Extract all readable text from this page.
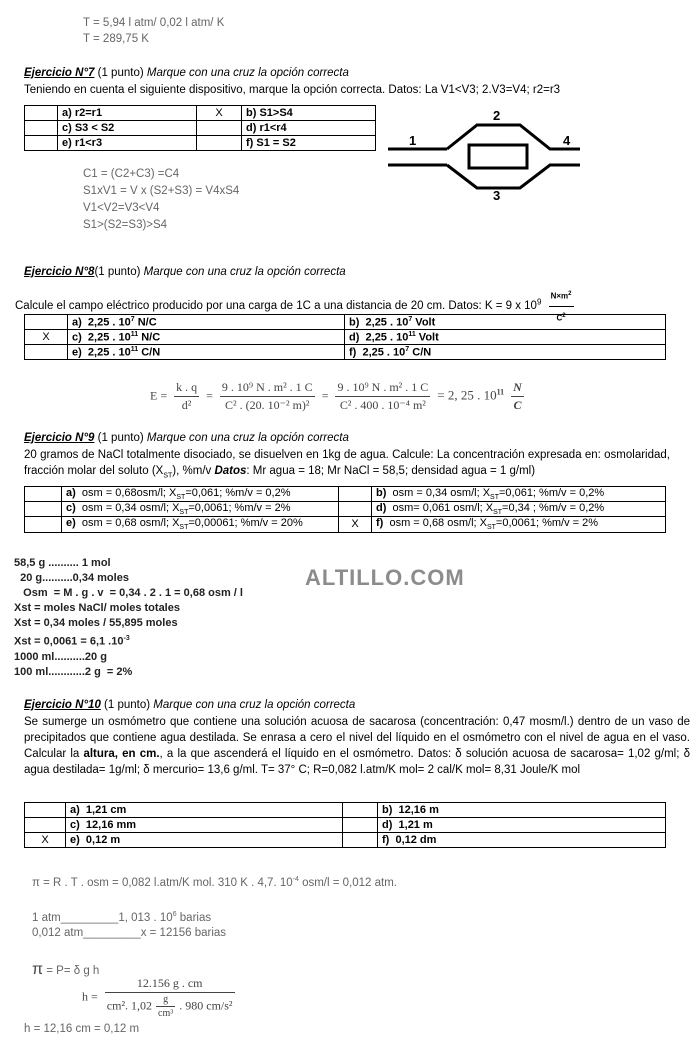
T = 5,94 l atm/ 0,02 l atm/ K
T = 289,75 K
Ejercicio N°7 (1 punto) Marque con una cruz la opción correcta
Teniendo en cuenta el siguiente dispositivo, marque la opción correcta. Datos: La V1<V3; 2.V3=V4; r2=r3
	a) r2=r1	X	b) S1>S4
	c) S3 < S2		d) r1<r4
	e) r1<r3		f) S1 = S2
C1 = (C2+C3) =C4
S1xV1 = V x (S2+S3) = V4xS4
V1<V2=V3<V4
S1>(S2=S3)>S4
1
2
3
4
Ejercicio N°8(1 punto) Marque con una cruz la opción correcta
Calcule el campo eléctrico producido por una carga de 1C a una distancia de 20 cm. Datos: K = 9 x $10^9 \frac{N\times m^2}{C^2}$
	a) 2,25 . $10^7$ N/C	b) 2,25 . $10^7$ Volt
X	c) 2,25 . $10^{11}$ N/C	d) 2,25 . $10^{11}$ Volt
	e) 2,25 . $10^{11}$ C/N	f) 2,25 . $10^7$ C/N
$E = \frac{k . q}{\text{d²}} = \frac{\text{9 . 10⁹ N . m² . 1 C}}{\text{C² . (20. 10⁻² m)²}} = \frac{\text{9 . 10⁹ N . m² . 1 C}}{\text{C² . 400 . 10⁻⁴ m²}} = 2$, 25 . $10^{11} \frac{N}{C}$
Ejercicio N°9 (1 punto) Marque con una cruz la opción correcta
20 gramos de NaCl totalmente disociado, se disuelven en 1kg de agua. Calcule: La concentración expresada en: osmolaridad, fracción molar del soluto $(X_{ST})$, %m/v Datos: Mr agua = 18; Mr NaCl = 58,5; densidad agua = 1 g/ml)
	a) osm = 0,68osm/l; $X_{ST}=0,061$; %m/v = 0,2%		b) osm = 0,34 osm/l; $X_{ST}=0,061$; %m/v = 0,2%
	c) osm = 0,34 osm/l; $X_{ST}=0,0061$; %m/v = 2%		d) osm= 0,061 osm/l; $X_{ST}=0,34$ ; %m/v = 0,2%
	e) osm = 0,68 osm/l; $X_{ST}=0,00061$; %m/v = 20%	X	f) osm = 0,68 osm/l; $X_{ST}=0,0061$; %m/v = 2%
58,5 g .......... 1 mol
20 g..........0,34 moles
Osm  = M . g . v  = 0,34 . 2 . 1 = 0,68 osm / l
Xst = moles NaCl/ moles totales
Xst = 0,34 moles / 55,895 moles
Xst = 0,0061 = 6,1 $.10^{-3}$
1000 ml..........20 g
100 ml............2 g  = 2%
ALTILLO.COM
Ejercicio N°10 (1 punto) Marque con una cruz la opción correcta
Se sumerge un osmómetro que contiene una solución acuosa de sacarosa (concentración: 0,47 mosm/l.) dentro de un vaso de precipitados que contiene agua destilada. Se enrasa a cero el nivel del líquido en el osmómetro con el nivel de agua en el vaso. Calcular la altura, en cm., a la que ascenderá el líquido en el osmómetro. Datos: δ solución acuosa de sacarosa= 1,02 g/ml; δ agua destilada= 1g/ml; δ mercurio= 13,6 g/ml. T= 37° C; R=0,082 l.atm/K mol= 2 cal/K mol= 8,31 Joule/K mol
	a) 1,21 cm		b) 12,16 m
	c) 12,16 mm		d) 1,21 m
X	e) 0,12 m		f) 0,12 dm
π = R . T . osm = 0,082 l.atm/K mol. 310 K . 4,7. $10^{-4}$ osm/l = 0,012 atm.
1 atm_________1, 013 . $10^6$ barias
0,012 atm_________x = 12156 barias
π = P= δ g h
$h = \frac{12.156 g . cm}{cm^2. 1,02 \frac{g}{\text{cm³}} . 980 cm/s^2}$
h = 12,16 cm = 0,12 m
